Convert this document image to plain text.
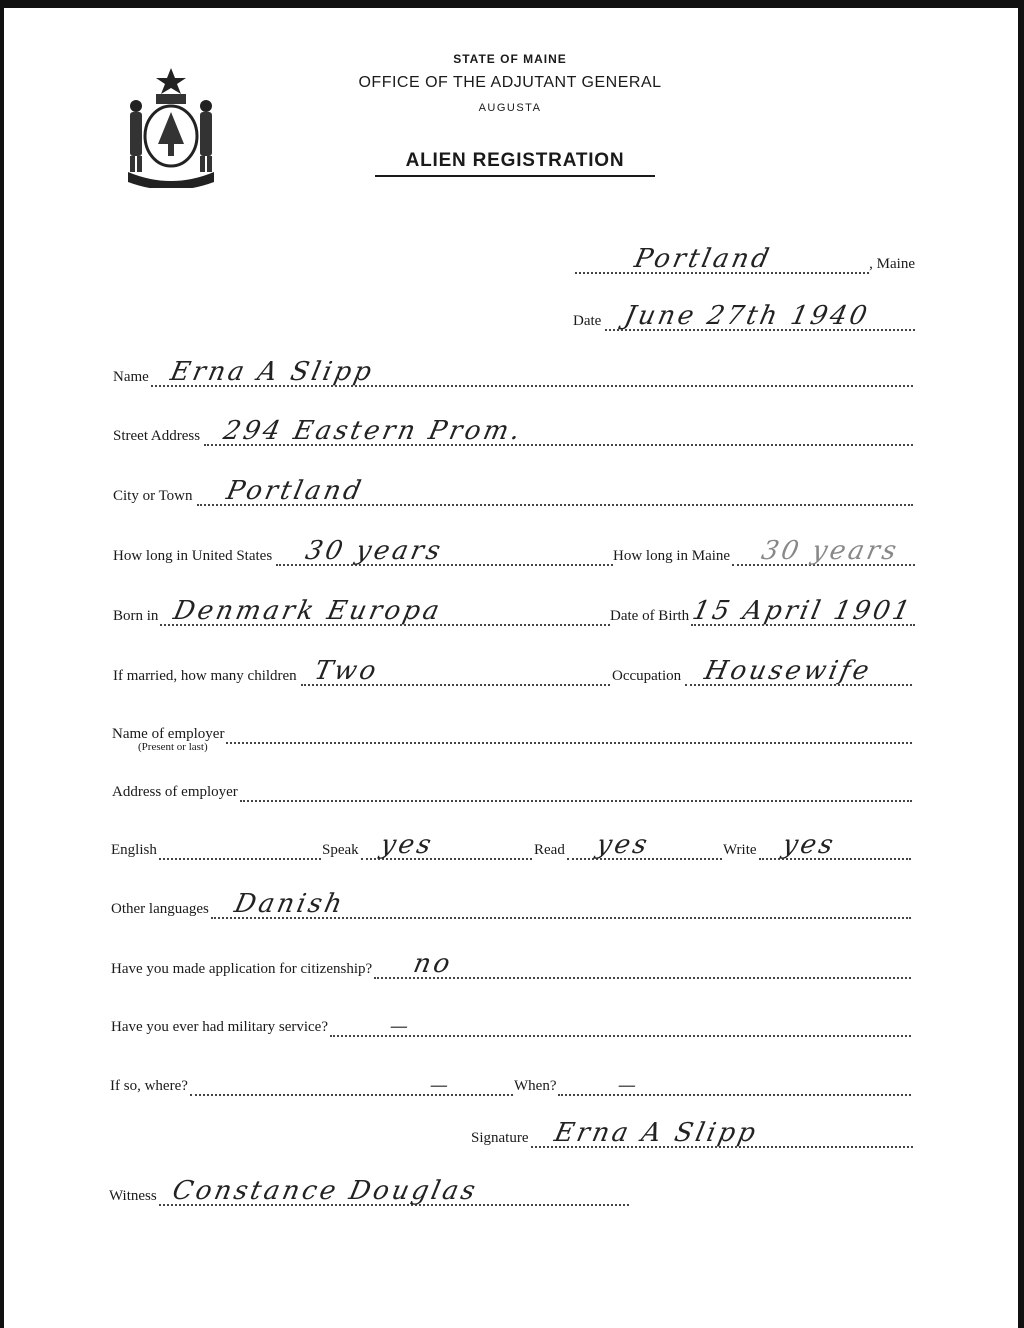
STATE OF MAINE
OFFICE OF THE ADJUTANT GENERAL
AUGUSTA
ALIEN REGISTRATION
Portland	, Maine
Date June 27th 1940
Name Erna A Slipp
Street Address 294 Eastern Prom.
City or Town Portland
How long in United States 30 years	How long in Maine 30 years
Born in Denmark Europa	Date of Birth 15 April 1901
If married, how many children Two	Occupation Housewife
Name of employer
(Present or last)
Address of employer
English	Speak yes	Read yes	Write yes
Other languages Danish
Have you made application for citizenship? no
Have you ever had military service?	—
If so, where?	—	When?	—
Signature Erna A Slipp
Witness Constance Douglas
